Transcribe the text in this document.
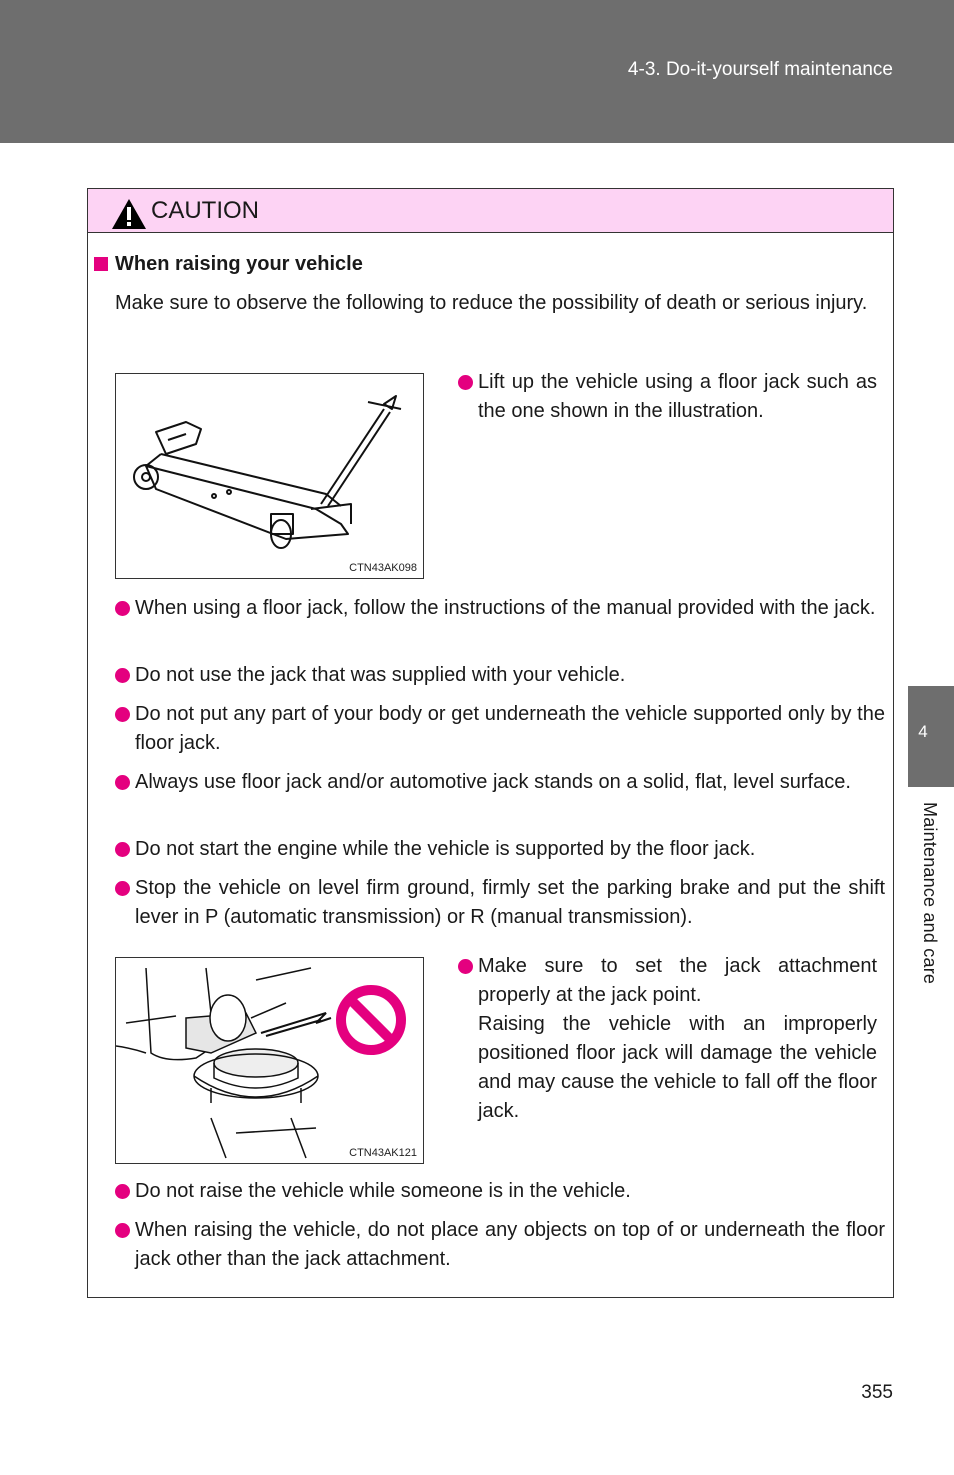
4-3. Do-it-yourself maintenance
4
Maintenance and care
CAUTION
When raising your vehicle
Make sure to observe the following to reduce the possibility of death or serious injury.
CTN43AK098

Lift up the vehicle using a floor jack such as the one shown in the illustration.

When using a floor jack, follow the instructions of the manual provided with the jack.

Do not use the jack that was supplied with your vehicle.

Do not put any part of your body or get underneath the vehicle supported only by the floor jack.

Always use floor jack and/or automotive jack stands on a solid, flat, level surface.

Do not start the engine while the vehicle is supported by the floor jack.

Stop the vehicle on level firm ground, firmly set the parking brake and put the shift lever in P (automatic transmission) or R (manual transmission).

CTN43AK121

Make sure to set the jack attachment properly at the jack point.

Raising the vehicle with an improperly positioned floor jack will damage the vehicle and may cause the vehicle to fall off the floor jack.

Do not raise the vehicle while someone is in the vehicle.

When raising the vehicle, do not place any objects on top of or underneath the floor jack other than the jack attachment.

355
